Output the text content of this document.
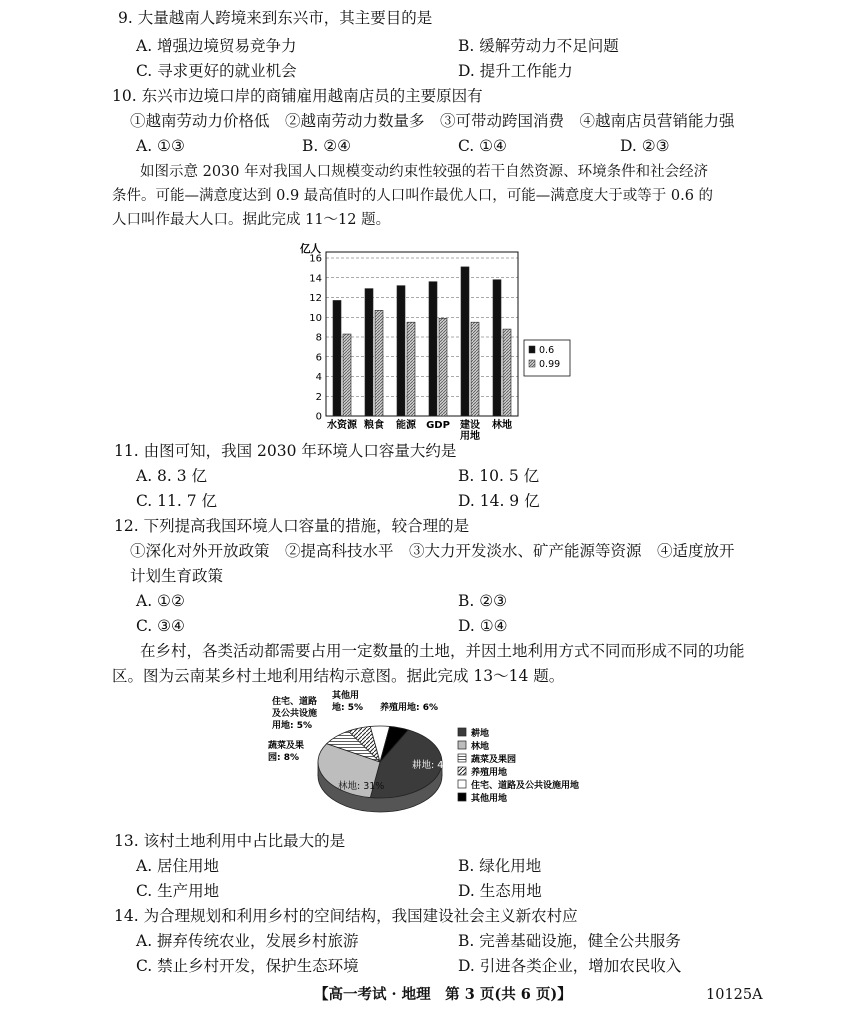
9. 大量越南人跨境来到东兴市，其主要目的是
A. 增强边境贸易竞争力	B. 缓解劳动力不足问题
C. 寻求更好的就业机会	D. 提升工作能力
10. 东兴市边境口岸的商铺雇用越南店员的主要原因有
①越南劳动力价格低　②越南劳动力数量多　③可带动跨国消费　④越南店员营销能力强
A. ①③	B. ②④	C. ①④	D. ②③
如图示意 2030 年对我国人口规模变动约束性较强的若干自然资源、环境条件和社会经济
条件。可能—满意度达到 0.9 最高值时的人口叫作最优人口，可能—满意度大于或等于 0.6 的
人口叫作最大人口。据此完成 11～12 题。
0
2
4
6
8
10
12
14
16
亿人
水资源 粮食 能源 GDP 建设
用地
林地
0.6
0.99
11. 由图可知，我国 2030 年环境人口容量大约是
A. 8. 3 亿	B. 10. 5 亿
C. 11. 7 亿	D. 14. 9 亿
12. 下列提高我国环境人口容量的措施，较合理的是
①深化对外开放政策　②提高科技水平　③大力开发淡水、矿产能源等资源　④适度放开
计划生育政策
A. ①②	B. ②③
C. ③④	D. ①④
在乡村，各类活动都需要占用一定数量的土地，并因土地利用方式不同而形成不同的功能
区。图为云南某乡村土地利用结构示意图。据此完成 13～14 题。
耕地: 45%
林地: 31%
蔬菜及果
园: 8%
住宅、道路
及公共设施
用地: 5%
其他用
地: 5% 养殖用地: 6%
耕地
林地
蔬菜及果园
养殖用地
住宅、道路及公共设施用地
其他用地
13. 该村土地利用中占比最大的是
A. 居住用地	B. 绿化用地
C. 生产用地	D. 生态用地
14. 为合理规划和利用乡村的空间结构，我国建设社会主义新农村应
A. 摒弃传统农业，发展乡村旅游	B. 完善基础设施，健全公共服务
C. 禁止乡村开发，保护生态环境	D. 引进各类企业，增加农民收入
【高一考试 · 地理　第 3 页(共 6 页)】	10125A
